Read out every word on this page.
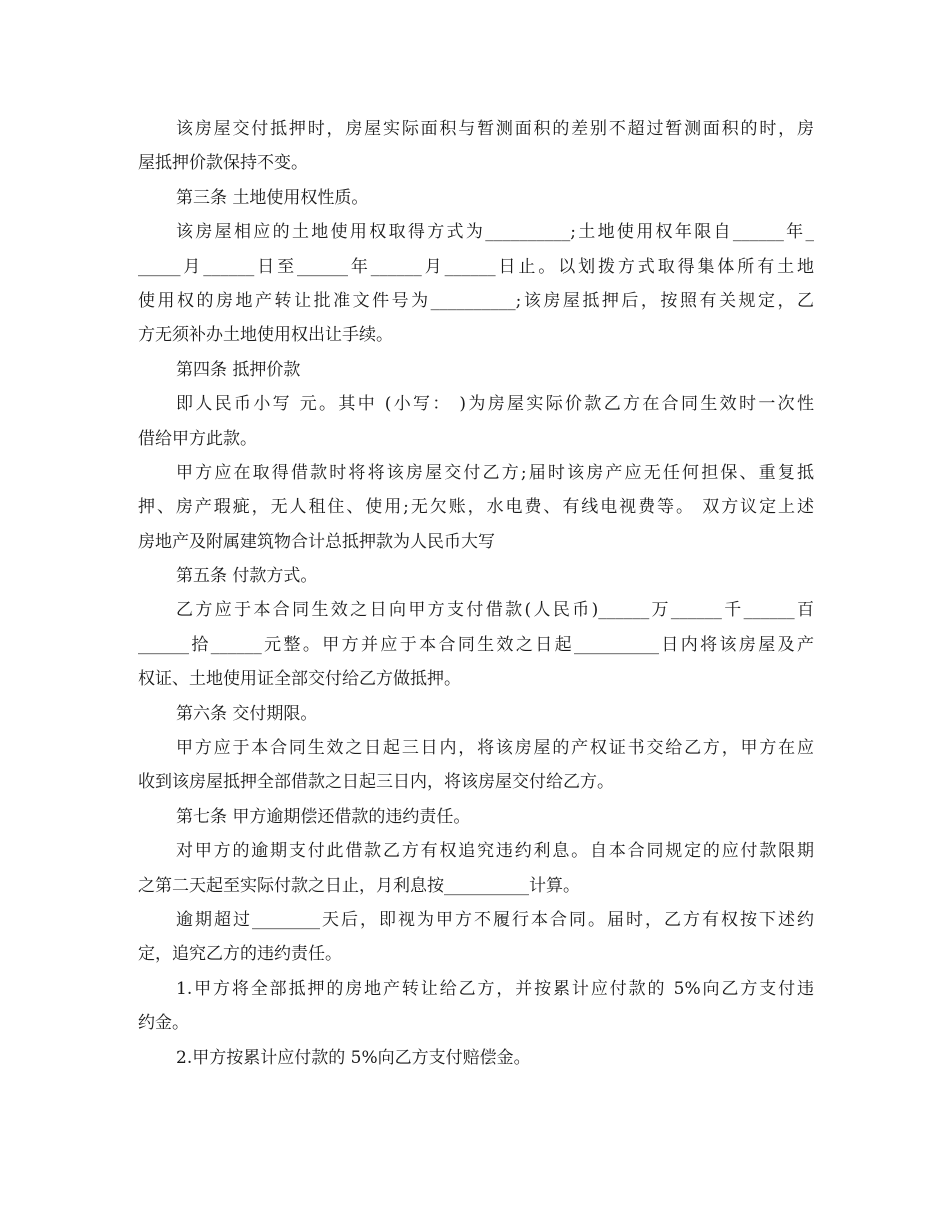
该房屋交付抵押时，房屋实际面积与暂测面积的差别不超过暂测面积的时，房
屋抵押价款保持不变。
第三条 土地使用权性质。
该房屋相应的土地使用权取得方式为__________;土地使用权年限自______年_
_____月______日至______年______月______日止。以划拨方式取得集体所有土地
使用权的房地产转让批准文件号为__________;该房屋抵押后，按照有关规定，乙
方无须补办土地使用权出让手续。
第四条 抵押价款
即人民币小写 元。其中 (小写： )为房屋实际价款乙方在合同生效时一次性
借给甲方此款。
甲方应在取得借款时将将该房屋交付乙方;届时该房产应无任何担保、重复抵
押、房产瑕疵，无人租住、使用;无欠账，水电费、有线电视费等。 双方议定上述
房地产及附属建筑物合计总抵押款为人民币大写
第五条 付款方式。
乙方应于本合同生效之日向甲方支付借款(人民币)______万______千______百
______拾______元整。甲方并应于本合同生效之日起__________日内将该房屋及产
权证、土地使用证全部交付给乙方做抵押。
第六条 交付期限。
甲方应于本合同生效之日起三日内，将该房屋的产权证书交给乙方，甲方在应
收到该房屋抵押全部借款之日起三日内，将该房屋交付给乙方。
第七条 甲方逾期偿还借款的违约责任。
对甲方的逾期支付此借款乙方有权追究违约利息。自本合同规定的应付款限期
之第二天起至实际付款之日止，月利息按__________计算。
逾期超过________天后，即视为甲方不履行本合同。届时，乙方有权按下述约
定，追究乙方的违约责任。
1.甲方将全部抵押的房地产转让给乙方，并按累计应付款的 5%向乙方支付违
约金。
2.甲方按累计应付款的 5%向乙方支付赔偿金。
